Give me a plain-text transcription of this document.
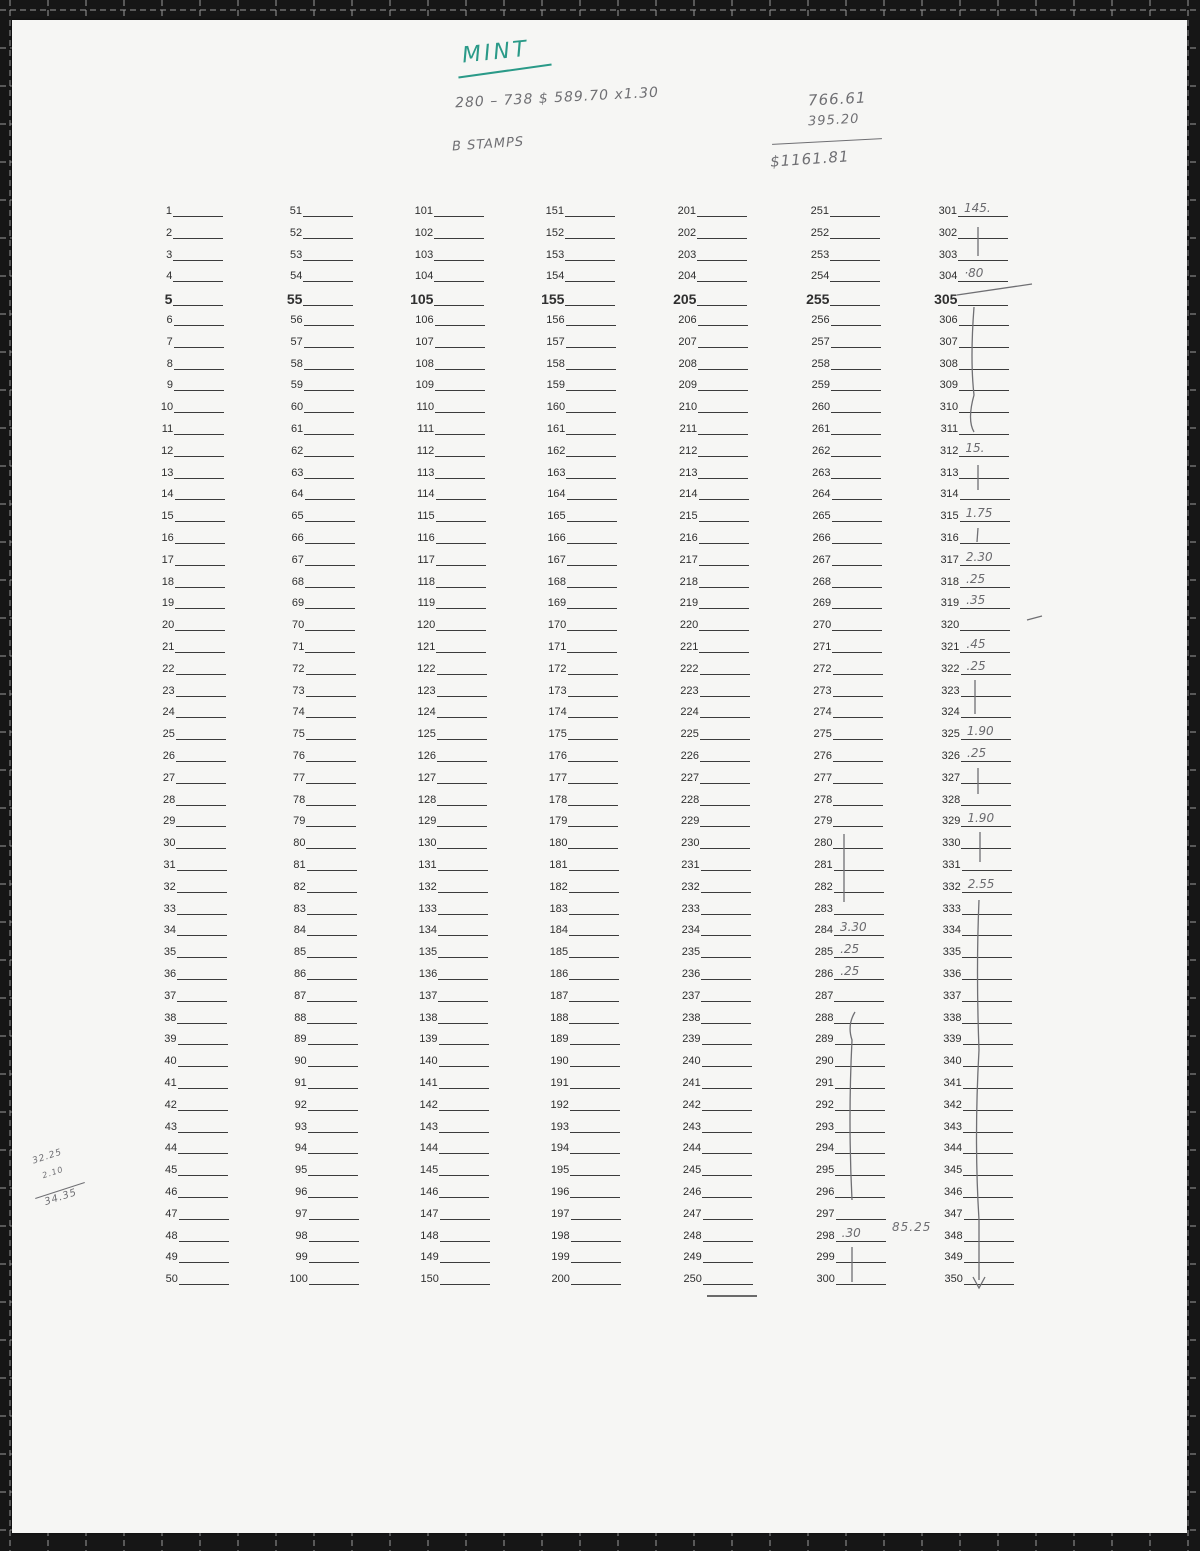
MINT
280 – 738 $ 589.70 x1.30
B STAMPS
766.61
395.20
$1161.81
1
2
3
4
5
6
7
8
9
10
11
12
13
14
15
16
17
18
19
20
21
22
23
24
25
26
27
28
29
30
31
32
33
34
35
36
37
38
39
40
41
42
43
44
45
46
47
48
49
50
51
52
53
54
55
56
57
58
59
60
61
62
63
64
65
66
67
68
69
70
71
72
73
74
75
76
77
78
79
80
81
82
83
84
85
86
87
88
89
90
91
92
93
94
95
96
97
98
99
100
101
102
103
104
105
106
107
108
109
110
111
112
113
114
115
116
117
118
119
120
121
122
123
124
125
126
127
128
129
130
131
132
133
134
135
136
137
138
139
140
141
142
143
144
145
146
147
148
149
150
151
152
153
154
155
156
157
158
159
160
161
162
163
164
165
166
167
168
169
170
171
172
173
174
175
176
177
178
179
180
181
182
183
184
185
186
187
188
189
190
191
192
193
194
195
196
197
198
199
200
201
202
203
204
205
206
207
208
209
210
211
212
213
214
215
216
217
218
219
220
221
222
223
224
225
226
227
228
229
230
231
232
233
234
235
236
237
238
239
240
241
242
243
244
245
246
247
248
249
250
251
252
253
254
255
256
257
258
259
260
261
262
263
264
265
266
267
268
269
270
271
272
273
274
275
276
277
278
279
280
281
282
283
284 3.30
285 .25
286 .25
287
288
289
290
291
292
293
294
295
296
297
298 .30
299
300
301 145.
302
303
304 ·80
305
306
307
308
309
310
311
312 15.
313
314
315 1.75
316
317 2.30
318 .25
319 .35
320
321 .45
322 .25
323
324
325 1.90
326 .25
327
328
329 1.90
330
331
332 2.55
333
334
335
336
337
338
339
340
341
342
343
344
345
346
347
348
349
350
85.25
32.25
2.10
34.35
